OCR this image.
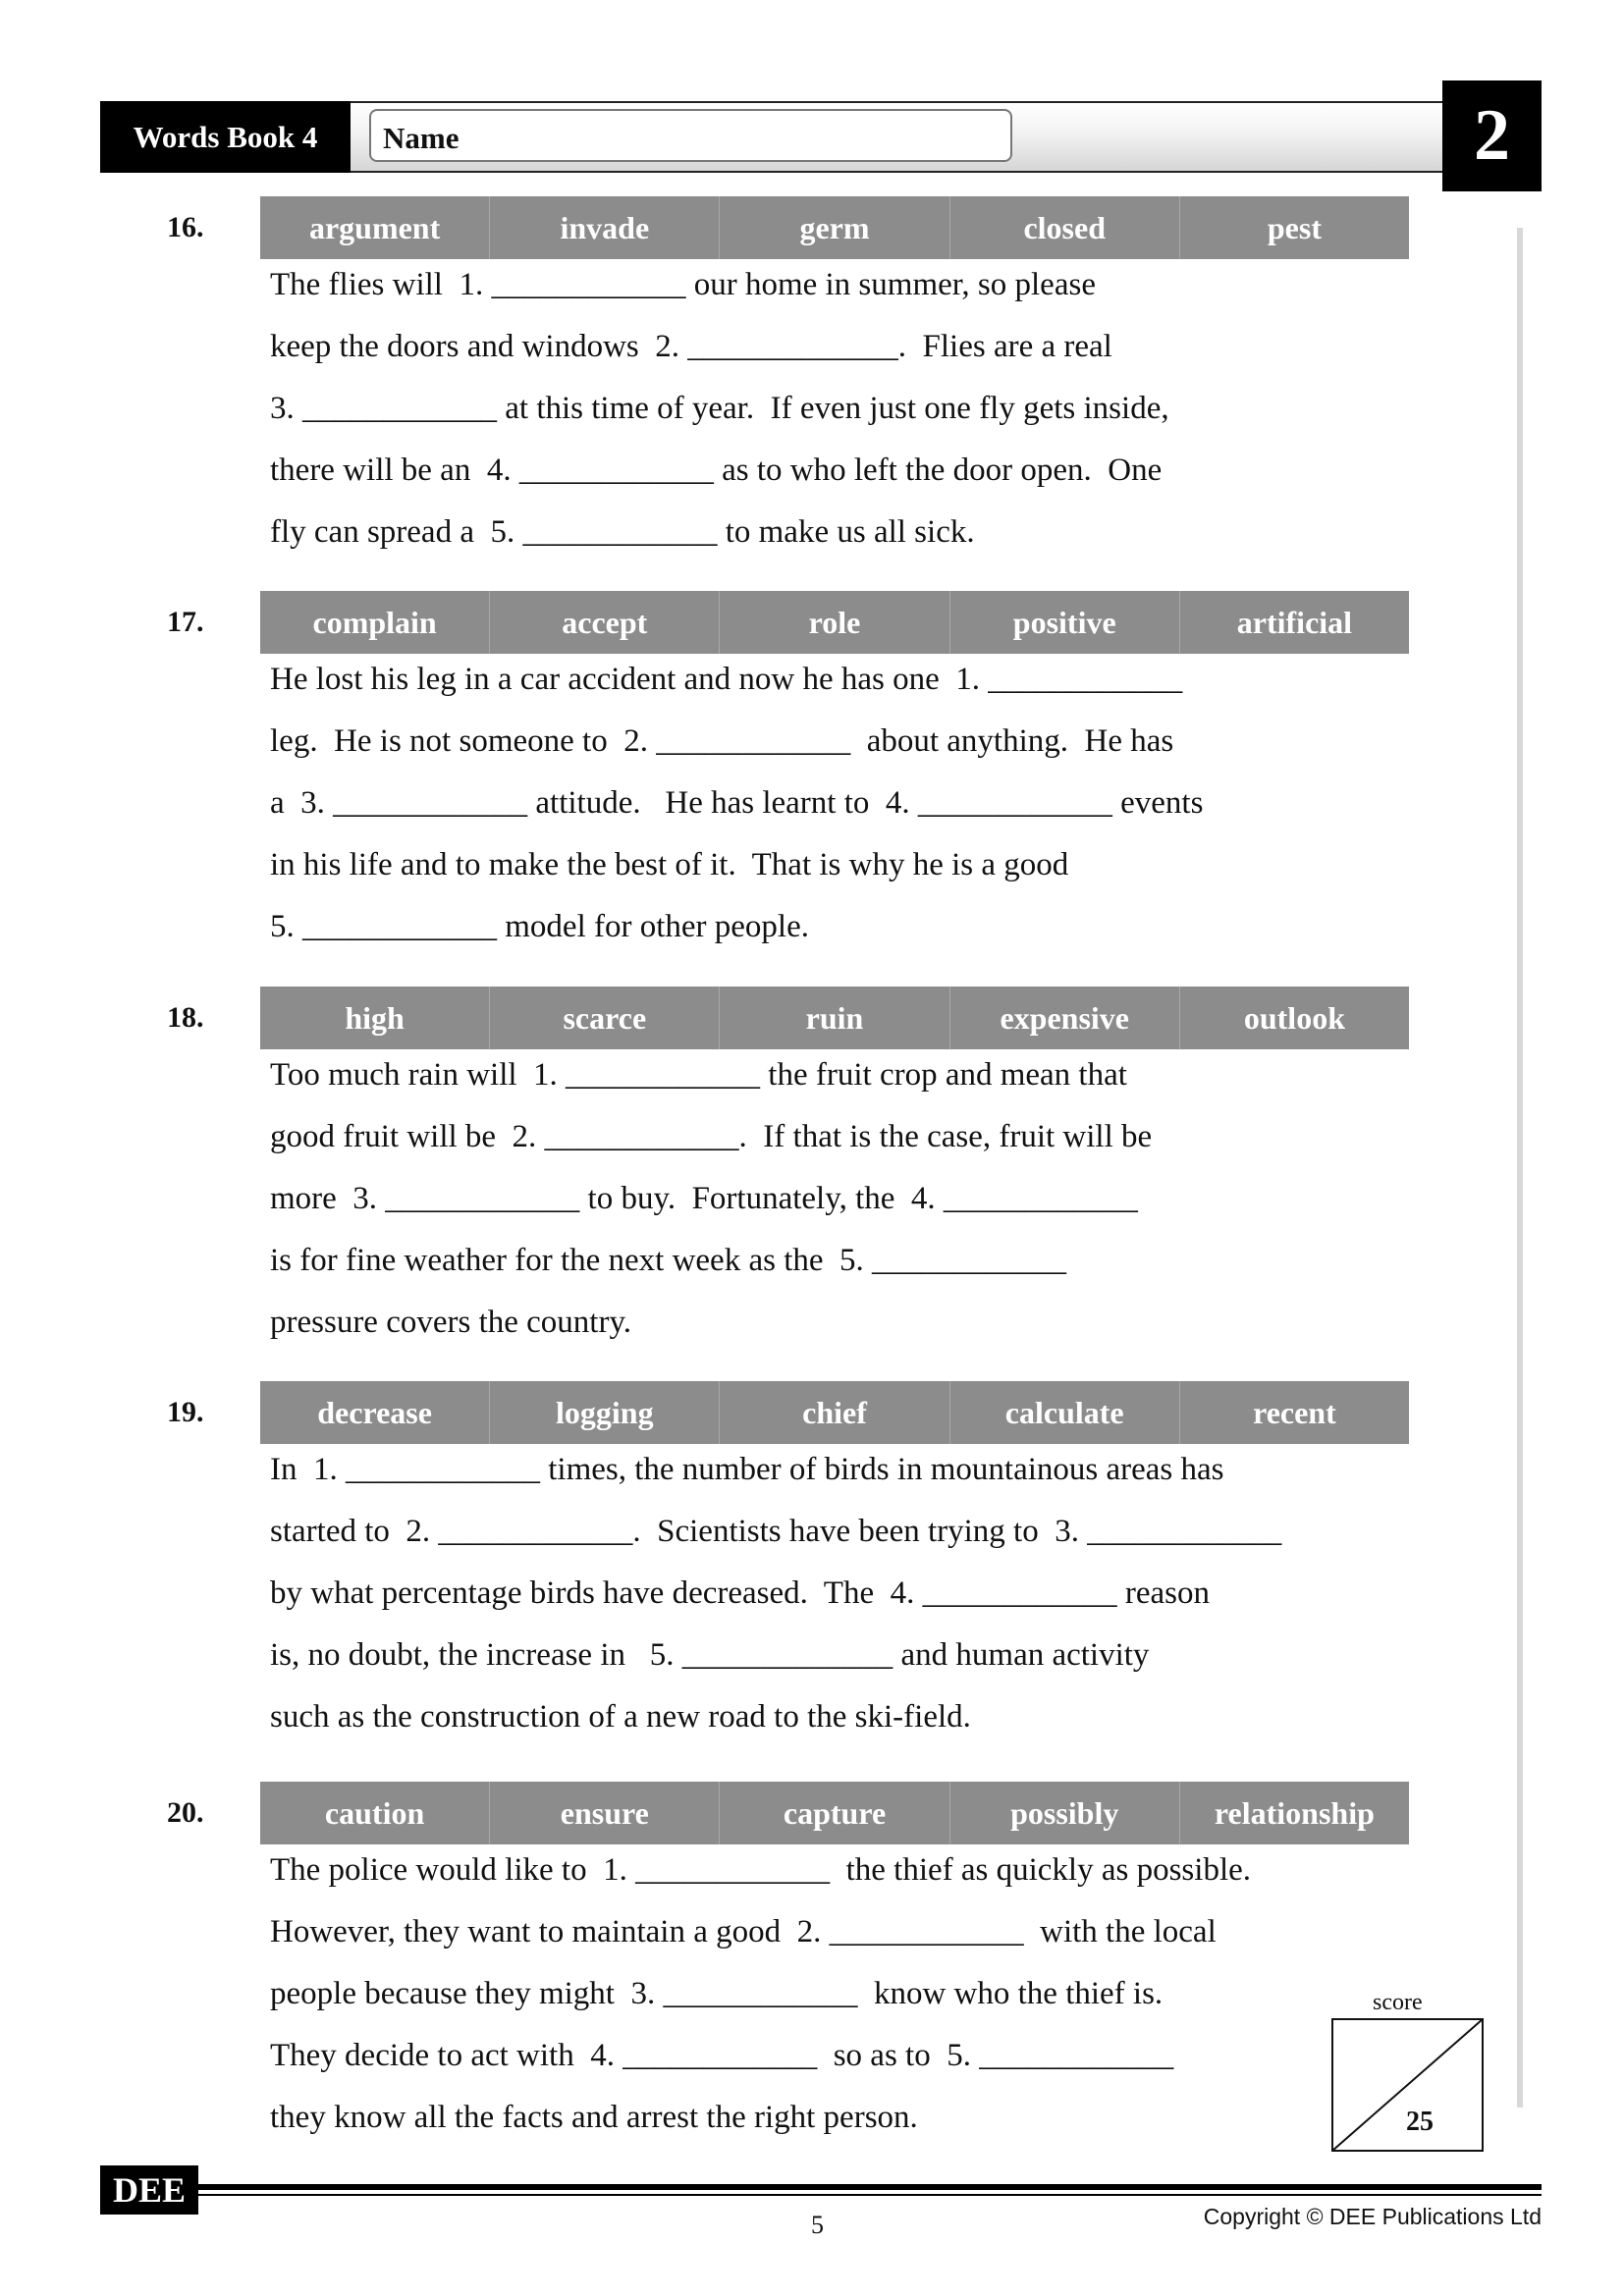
Words Book 4	Name	2
16.	argument	invade	germ	closed	pest
The flies will  1. ____________ our home in summer, so please
keep the doors and windows  2. _____________.  Flies are a real
3. ____________ at this time of year.  If even just one fly gets inside,
there will be an  4. ____________ as to who left the door open.  One
fly can spread a  5. ____________ to make us all sick.
17.	complain	accept	role	positive	artificial
He lost his leg in a car accident and now he has one  1. ____________
leg.  He is not someone to  2. ____________  about anything.  He has
a  3. ____________ attitude.   He has learnt to  4. ____________ events
in his life and to make the best of it.  That is why he is a good
5. ____________ model for other people.
18.	high	scarce	ruin	expensive	outlook
Too much rain will  1. ____________ the fruit crop and mean that
good fruit will be  2. ____________.  If that is the case, fruit will be
more  3. ____________ to buy.  Fortunately, the  4. ____________
is for fine weather for the next week as the  5. ____________
pressure covers the country.
19.	decrease	logging	chief	calculate	recent
In  1. ____________ times, the number of birds in mountainous areas has
started to  2. ____________.  Scientists have been trying to  3. ____________
by what percentage birds have decreased.  The  4. ____________ reason
is, no doubt, the increase in   5. _____________ and human activity
such as the construction of a new road to the ski-field.
20.	caution	ensure	capture	possibly	relationship
The police would like to  1. ____________  the thief as quickly as possible.
However, they want to maintain a good  2. ____________  with the local
people because they might  3. ____________  know who the thief is.
They decide to act with  4. ____________  so as to  5. ____________
they know all the facts and arrest the right person.
score
25
DEE
5	Copyright © DEE Publications Ltd
